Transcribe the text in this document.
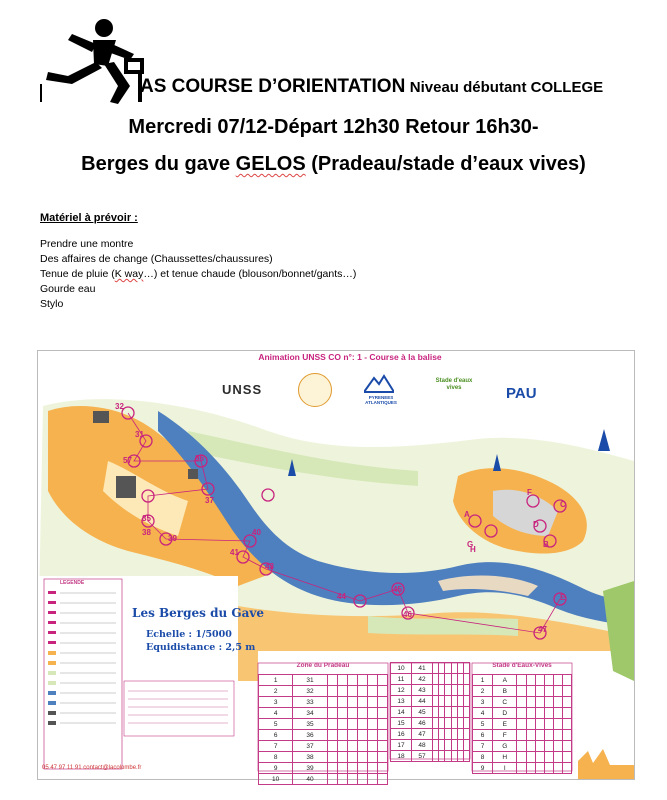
AS COURSE D’ORIENTATION Niveau débutant COLLEGE
Mercredi 07/12-Départ 12h30 Retour 16h30-
Berges du gave GELOS (Pradeau/stade d’eaux vives)
Matériel à prévoir :
Prendre une montre
Des affaires de change (Chaussettes/chaussures)
Tenue de pluie (K way…) et tenue chaude (blouson/bonnet/gants…)
Gourde eau
Stylo
Animation UNSS CO n°: 1 - Course à la balise
UNSS
PYRENEES ATLANTIQUES
Stade d'eaux vives	PAU
LEGENDE
Les Berges du Gave
Echelle : 1/5000
Equidistance : 2,5 m
32
31
57	36
37
35
38
39
40
41
43
44
45
46
47
E
F
C
B
D
A
H
G
Zone du Pradeau	Stade d'Eaux-Vives
1	31						
2	32						
3	33						
4	34						
5	35						
6	36						
7	37						
8	38						
9	39						
10	40						
10	41						
11	42						
12	43						
13	44						
14	45						
15	46						
16	47						
17	48						
18	57						
1	A						
2	B						
3	C						
4	D						
5	E						
6	F						
7	G						
8	H						
9	I						
05 47 97 11 91 contact@lacolombe.fr
